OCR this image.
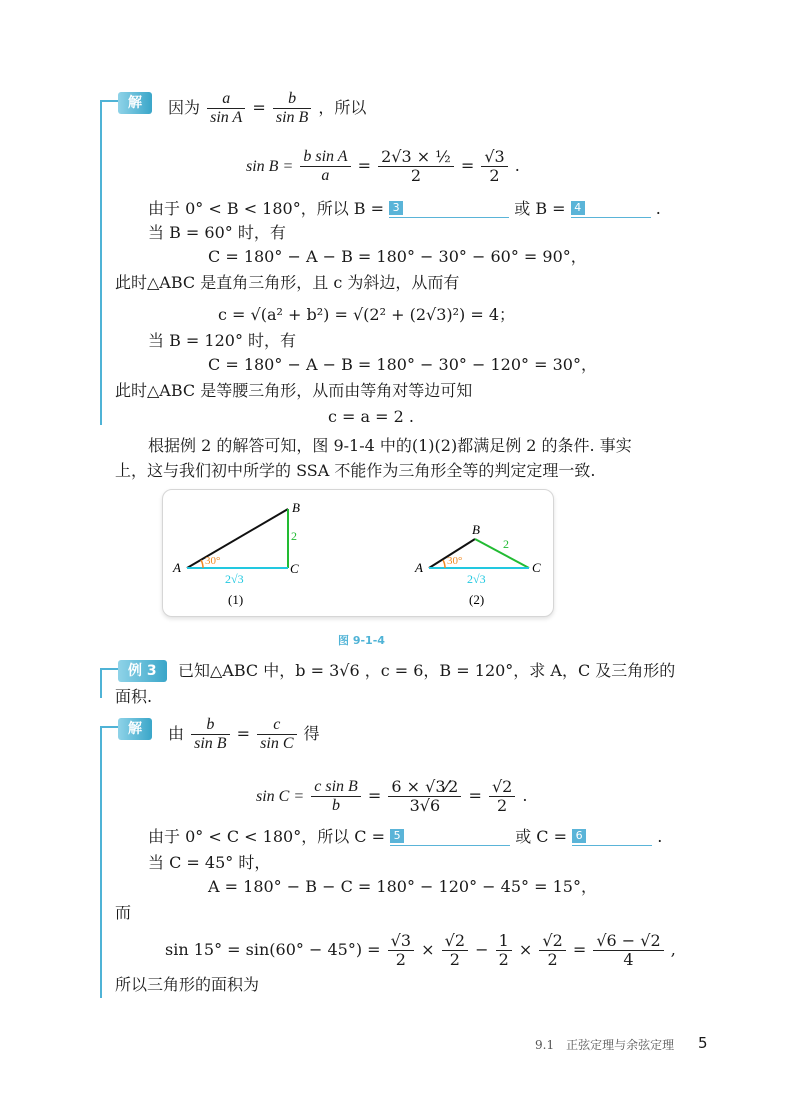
解	因为 $\frac{a}{\text{sin A}} = \frac{b}{\text{sin B}}$ ，所以
$\sin B = \frac{\text{b sin A}}{a} = \frac{\text{2√3 × ½}}{2} = \frac{√3}{2}$ .
由于 0° < B < 180°，所以 B = 3	或 B = 4	.
当 B = 60° 时，有
C = 180° − A − B = 180° − 30° − 60° = 90°，
此时△ABC 是直角三角形，且 c 为斜边，从而有
c = √(a² + b²) = √(2² + (2√3)²) = 4；
当 B = 120° 时，有
C = 180° − A − B = 180° − 30° − 120° = 30°，
此时△ABC 是等腰三角形，从而由等角对等边可知
c = a = 2 .
根据例 2 的解答可知，图 9-1-4 中的(1)(2)都满足例 2 的条件. 事实
上，这与我们初中所学的 SSA 不能作为三角形全等的判定定理一致.
30°
A
B
C
2
2√3
(1)
30°
A
B
C
2
2√3
(2)
图 9-1-4
例 3	已知△ABC 中，b = 3√6 ，c = 6，B = 120°，求 A，C 及三角形的
面积.
解	由 $\frac{b}{\text{sin B}} = \frac{c}{\text{sin C}}$ 得
$\sin C = \frac{\text{c sin B}}{b} = \frac{6 \times √3⁄2}{3√6} = \frac{√2}{2}$ .
由于 0° < C < 180°，所以 C = 5	或 C = 6	.
当 C = 45° 时，
A = 180° − B − C = 180° − 120° − 45° = 15°，
而
$\sin 15^\circ = \sin(60^\circ - 45^\circ) = \frac{√3}{2} \times \frac{√2}{2} - \frac{1}{2} \times \frac{√2}{2} = \frac{√6 - √2}{4}$ ,
所以三角形的面积为
9.1　正弦定理与余弦定理 5
